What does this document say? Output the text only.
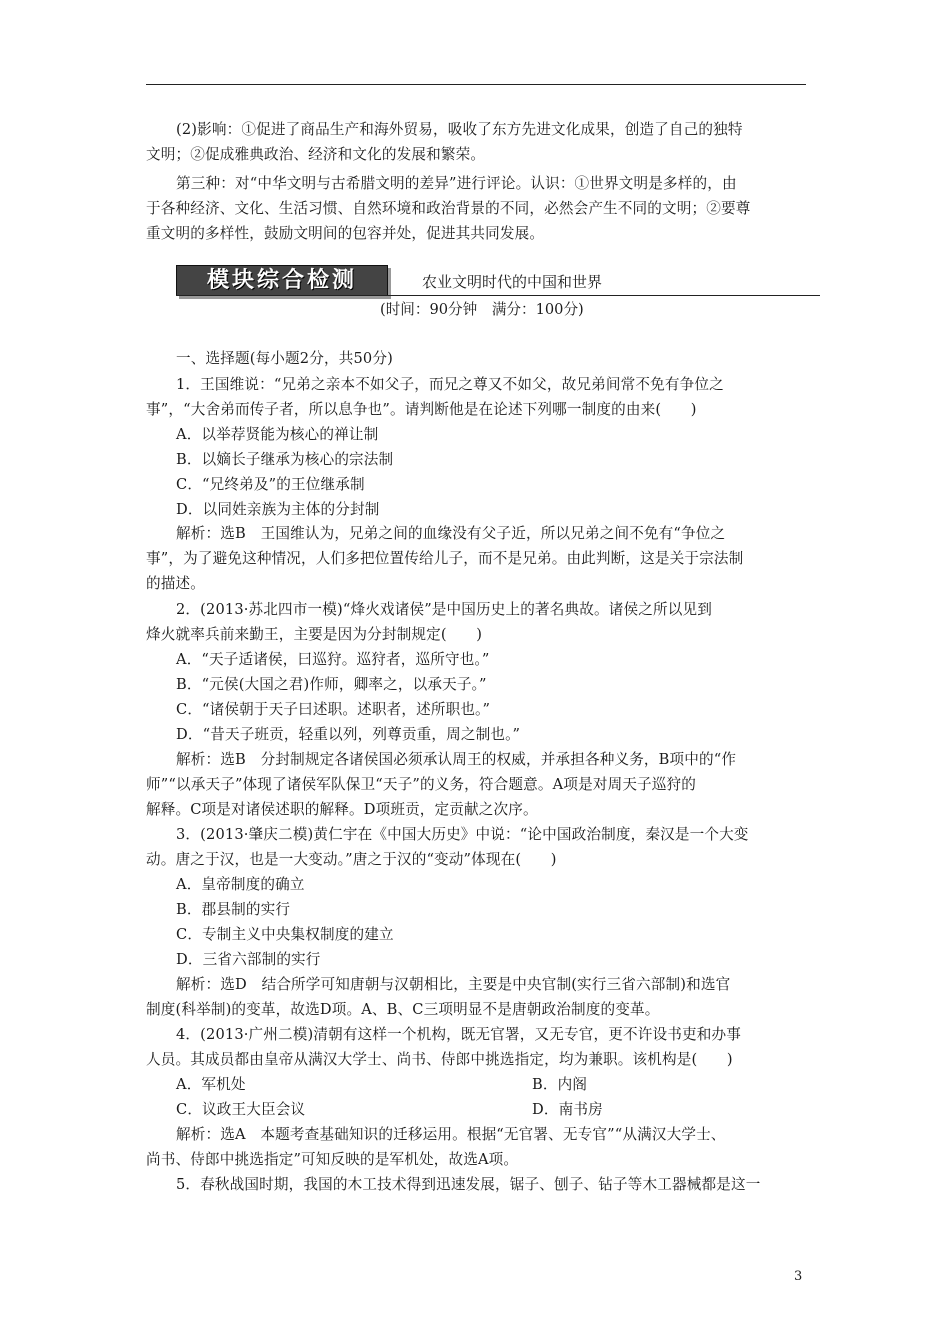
(2)影响：①促进了商品生产和海外贸易，吸收了东方先进文化成果，创造了自己的独特
文明；②促成雅典政治、经济和文化的发展和繁荣。
第三种：对“中华文明与古希腊文明的差异”进行评论。认识：①世界文明是多样的，由
于各种经济、文化、生活习惯、自然环境和政治背景的不同，必然会产生不同的文明；②要尊
重文明的多样性，鼓励文明间的包容并处，促进其共同发展。
模块综合检测	农业文明时代的中国和世界
(时间：90分钟　满分：100分)
一、选择题(每小题2分，共50分)
1．王国维说：“兄弟之亲本不如父子，而兄之尊又不如父，故兄弟间常不免有争位之
事”，“大舍弟而传子者，所以息争也”。请判断他是在论述下列哪一制度的由来(　　)
A．以举荐贤能为核心的禅让制
B．以嫡长子继承为核心的宗法制
C．“兄终弟及”的王位继承制
D．以同姓亲族为主体的分封制
解析：选B　王国维认为，兄弟之间的血缘没有父子近，所以兄弟之间不免有“争位之
事”，为了避免这种情况，人们多把位置传给儿子，而不是兄弟。由此判断，这是关于宗法制
的描述。
2．(2013·苏北四市一模)“烽火戏诸侯”是中国历史上的著名典故。诸侯之所以见到
烽火就率兵前来勤王，主要是因为分封制规定(　　)
A．“天子适诸侯，曰巡狩。巡狩者，巡所守也。”
B．“元侯(大国之君)作师，卿率之，以承天子。”
C．“诸侯朝于天子曰述职。述职者，述所职也。”
D．“昔天子班贡，轻重以列，列尊贡重，周之制也。”
解析：选B　分封制规定各诸侯国必须承认周王的权威，并承担各种义务，B项中的“作
师”“以承天子”体现了诸侯军队保卫“天子”的义务，符合题意。A项是对周天子巡狩的
解释。C项是对诸侯述职的解释。D项班贡，定贡献之次序。
3．(2013·肇庆二模)黄仁宇在《中国大历史》中说：“论中国政治制度，秦汉是一个大变
动。唐之于汉，也是一大变动。”唐之于汉的“变动”体现在(　　)
A．皇帝制度的确立
B．郡县制的实行
C．专制主义中央集权制度的建立
D．三省六部制的实行
解析：选D　结合所学可知唐朝与汉朝相比，主要是中央官制(实行三省六部制)和选官
制度(科举制)的变革，故选D项。A、B、C三项明显不是唐朝政治制度的变革。
4．(2013·广州二模)清朝有这样一个机构，既无官署，又无专官，更不许设书吏和办事
人员。其成员都由皇帝从满汉大学士、尚书、侍郎中挑选指定，均为兼职。该机构是(　　)
A．军机处	B．内阁
C．议政王大臣会议	D．南书房
解析：选A　本题考查基础知识的迁移运用。根据“无官署、无专官”“从满汉大学士、
尚书、侍郎中挑选指定”可知反映的是军机处，故选A项。
5．春秋战国时期，我国的木工技术得到迅速发展，锯子、刨子、钻子等木工器械都是这一
3
